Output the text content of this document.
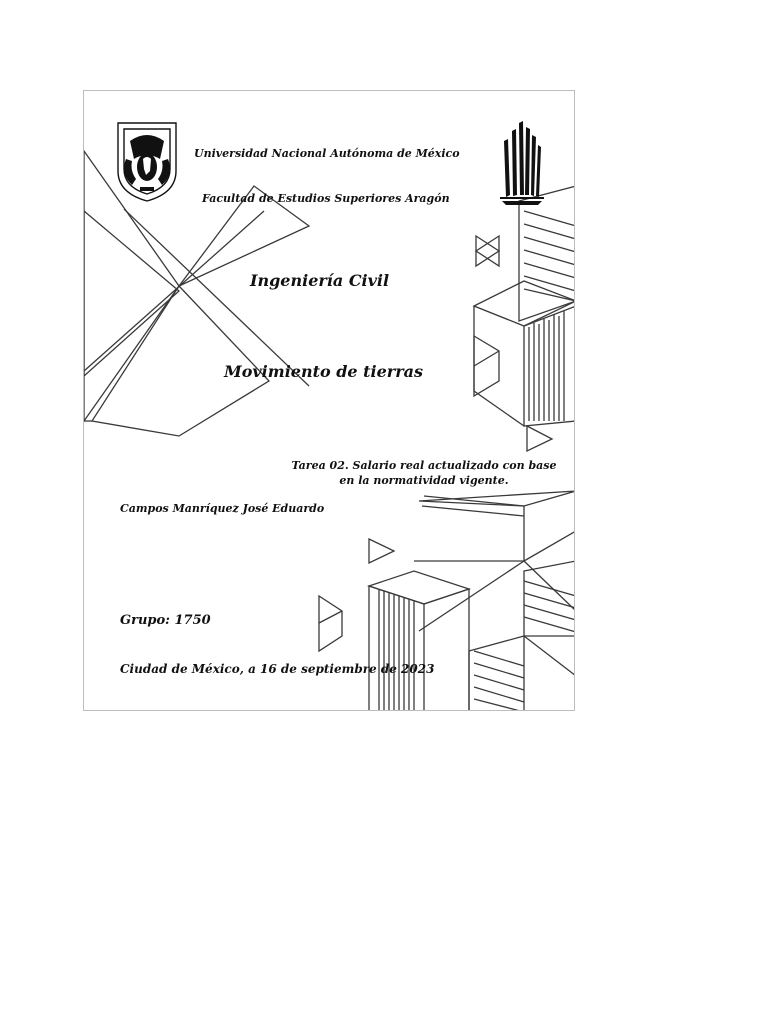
Universidad Nacional Autónoma de México
Facultad de Estudios Superiores Aragón
Ingeniería Civil
Movimiento de tierras
Tarea 02. Salario real actualizado con base en la normatividad vigente.
Campos Manríquez José Eduardo
Grupo: 1750
Ciudad de México, a 16 de septiembre de 2023
